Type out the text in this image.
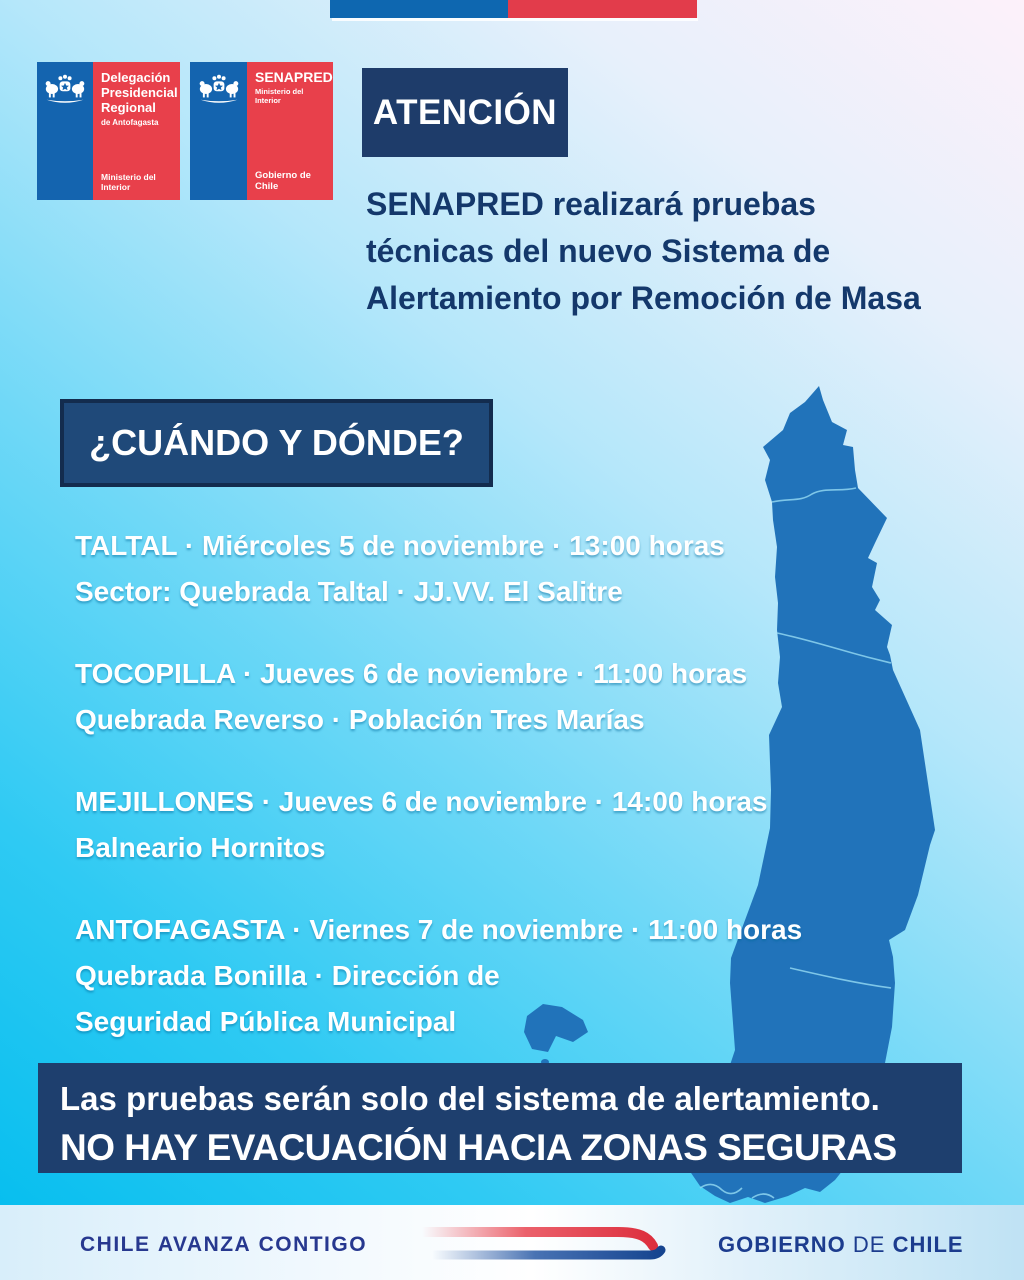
Delegación
Presidencial
Regional
de Antofagasta
Ministerio del Interior
SENAPRED
Ministerio del
Interior
Gobierno de Chile
ATENCIÓN
SENAPRED realizará pruebas
técnicas del nuevo Sistema de
Alertamiento por Remoción de Masa
¿CUÁNDO Y DÓNDE?
TALTAL · Miércoles 5 de noviembre · 13:00 horas
Sector: Quebrada Taltal · JJ.VV. El Salitre
TOCOPILLA · Jueves 6 de noviembre · 11:00 horas
Quebrada Reverso · Población Tres Marías
MEJILLONES · Jueves 6 de noviembre · 14:00 horas
Balneario Hornitos
ANTOFAGASTA · Viernes 7 de noviembre · 11:00 horas
Quebrada Bonilla · Dirección de
Seguridad Pública Municipal
Las pruebas serán solo del sistema de alertamiento.
NO HAY EVACUACIÓN HACIA ZONAS SEGURAS
CHILE AVANZA CONTIGO	GOBIERNO DE CHILE
